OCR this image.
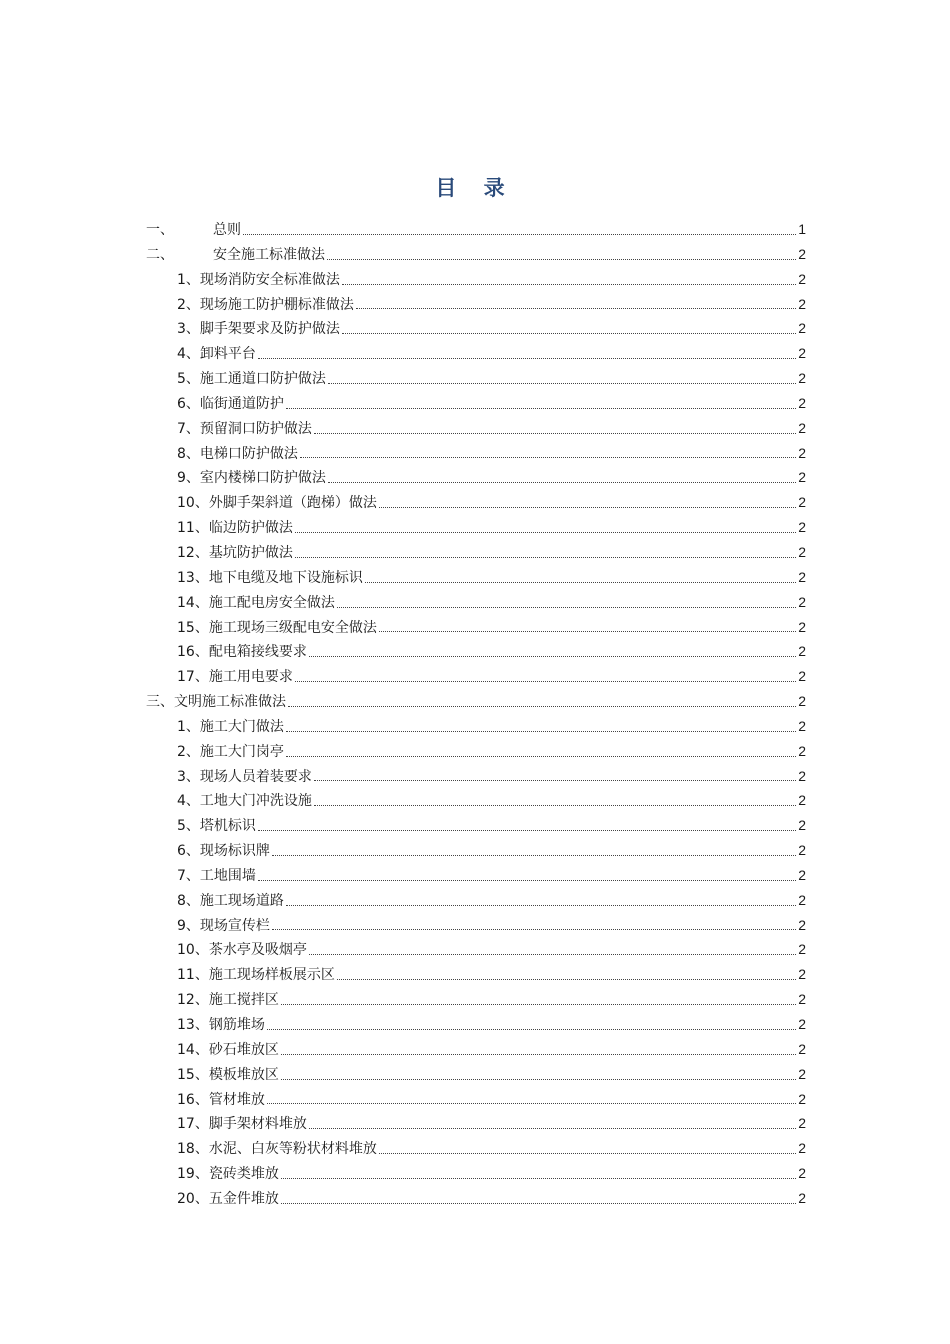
目 录
一、	总则	1
二、	安全施工标准做法	2
1、 现场消防安全标准做法	2
2、 现场施工防护棚标准做法	2
3、 脚手架要求及防护做法	2
4、 卸料平台	2
5、 施工通道口防护做法	2
6、 临街通道防护	2
7、 预留洞口防护做法	2
8、 电梯口防护做法	2
9、 室内楼梯口防护做法	2
10、 外脚手架斜道（跑梯）做法	2
11、 临边防护做法	2
12、 基坑防护做法	2
13、 地下电缆及地下设施标识	2
14、 施工配电房安全做法	2
15、 施工现场三级配电安全做法	2
16、 配电箱接线要求	2
17、 施工用电要求	2
三、 文明施工标准做法	2
1、 施工大门做法	2
2、 施工大门岗亭	2
3、 现场人员着装要求	2
4、 工地大门冲洗设施	2
5、 塔机标识	2
6、 现场标识牌	2
7、 工地围墙	2
8、 施工现场道路	2
9、 现场宣传栏	2
10、 茶水亭及吸烟亭	2
11、 施工现场样板展示区	2
12、 施工搅拌区	2
13、 钢筋堆场	2
14、 砂石堆放区	2
15、 模板堆放区	2
16、 管材堆放	2
17、 脚手架材料堆放	2
18、 水泥、白灰等粉状材料堆放	2
19、 瓷砖类堆放	2
20、 五金件堆放	2
